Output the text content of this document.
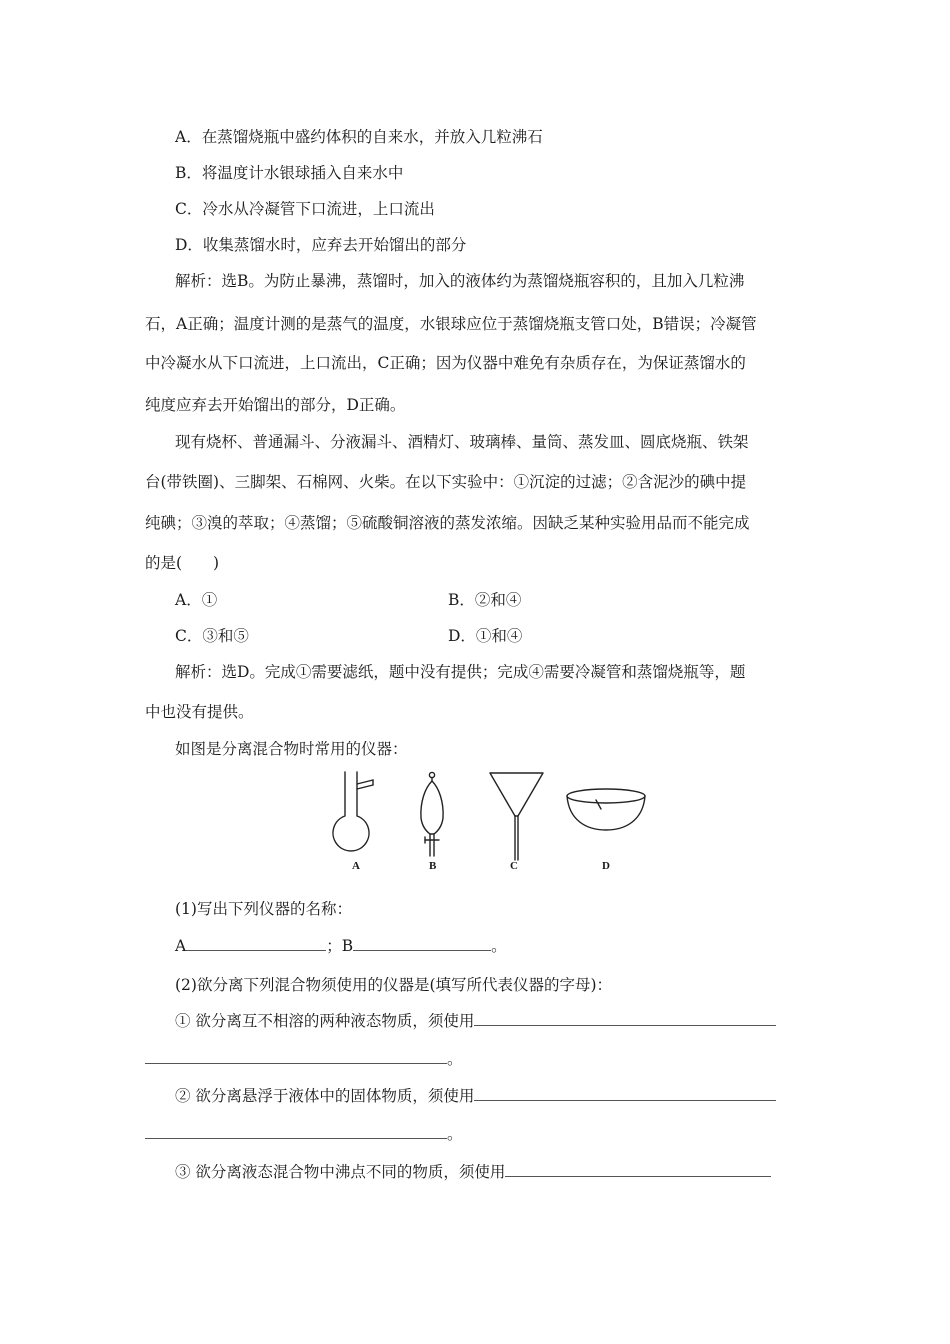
A．在蒸馏烧瓶中盛约体积的自来水，并放入几粒沸石
B．将温度计水银球插入自来水中
C．冷水从冷凝管下口流进，上口流出
D．收集蒸馏水时，应弃去开始馏出的部分
解析：选B。为防止暴沸，蒸馏时，加入的液体约为蒸馏烧瓶容积的，且加入几粒沸
石，A正确；温度计测的是蒸气的温度，水银球应位于蒸馏烧瓶支管口处，B错误；冷凝管
中冷凝水从下口流进，上口流出，C正确；因为仪器中难免有杂质存在，为保证蒸馏水的
纯度应弃去开始馏出的部分，D正确。
现有烧杯、普通漏斗、分液漏斗、酒精灯、玻璃棒、量筒、蒸发皿、圆底烧瓶、铁架
台(带铁圈)、三脚架、石棉网、火柴。在以下实验中：①沉淀的过滤；②含泥沙的碘中提
纯碘；③溴的萃取；④蒸馏；⑤硫酸铜溶液的蒸发浓缩。因缺乏某种实验用品而不能完成
的是(　　)
A．①	B．②和④
C．③和⑤	D．①和④
解析：选D。完成①需要滤纸，题中没有提供；完成④需要冷凝管和蒸馏烧瓶等，题
中也没有提供。
如图是分离混合物时常用的仪器：
A	B	C	D
(1)写出下列仪器的名称：
A	；B	。
(2)欲分离下列混合物须使用的仪器是(填写所代表仪器的字母)：
① 欲分离互不相溶的两种液态物质，须使用
。
② 欲分离悬浮于液体中的固体物质，须使用
。
③ 欲分离液态混合物中沸点不同的物质，须使用
